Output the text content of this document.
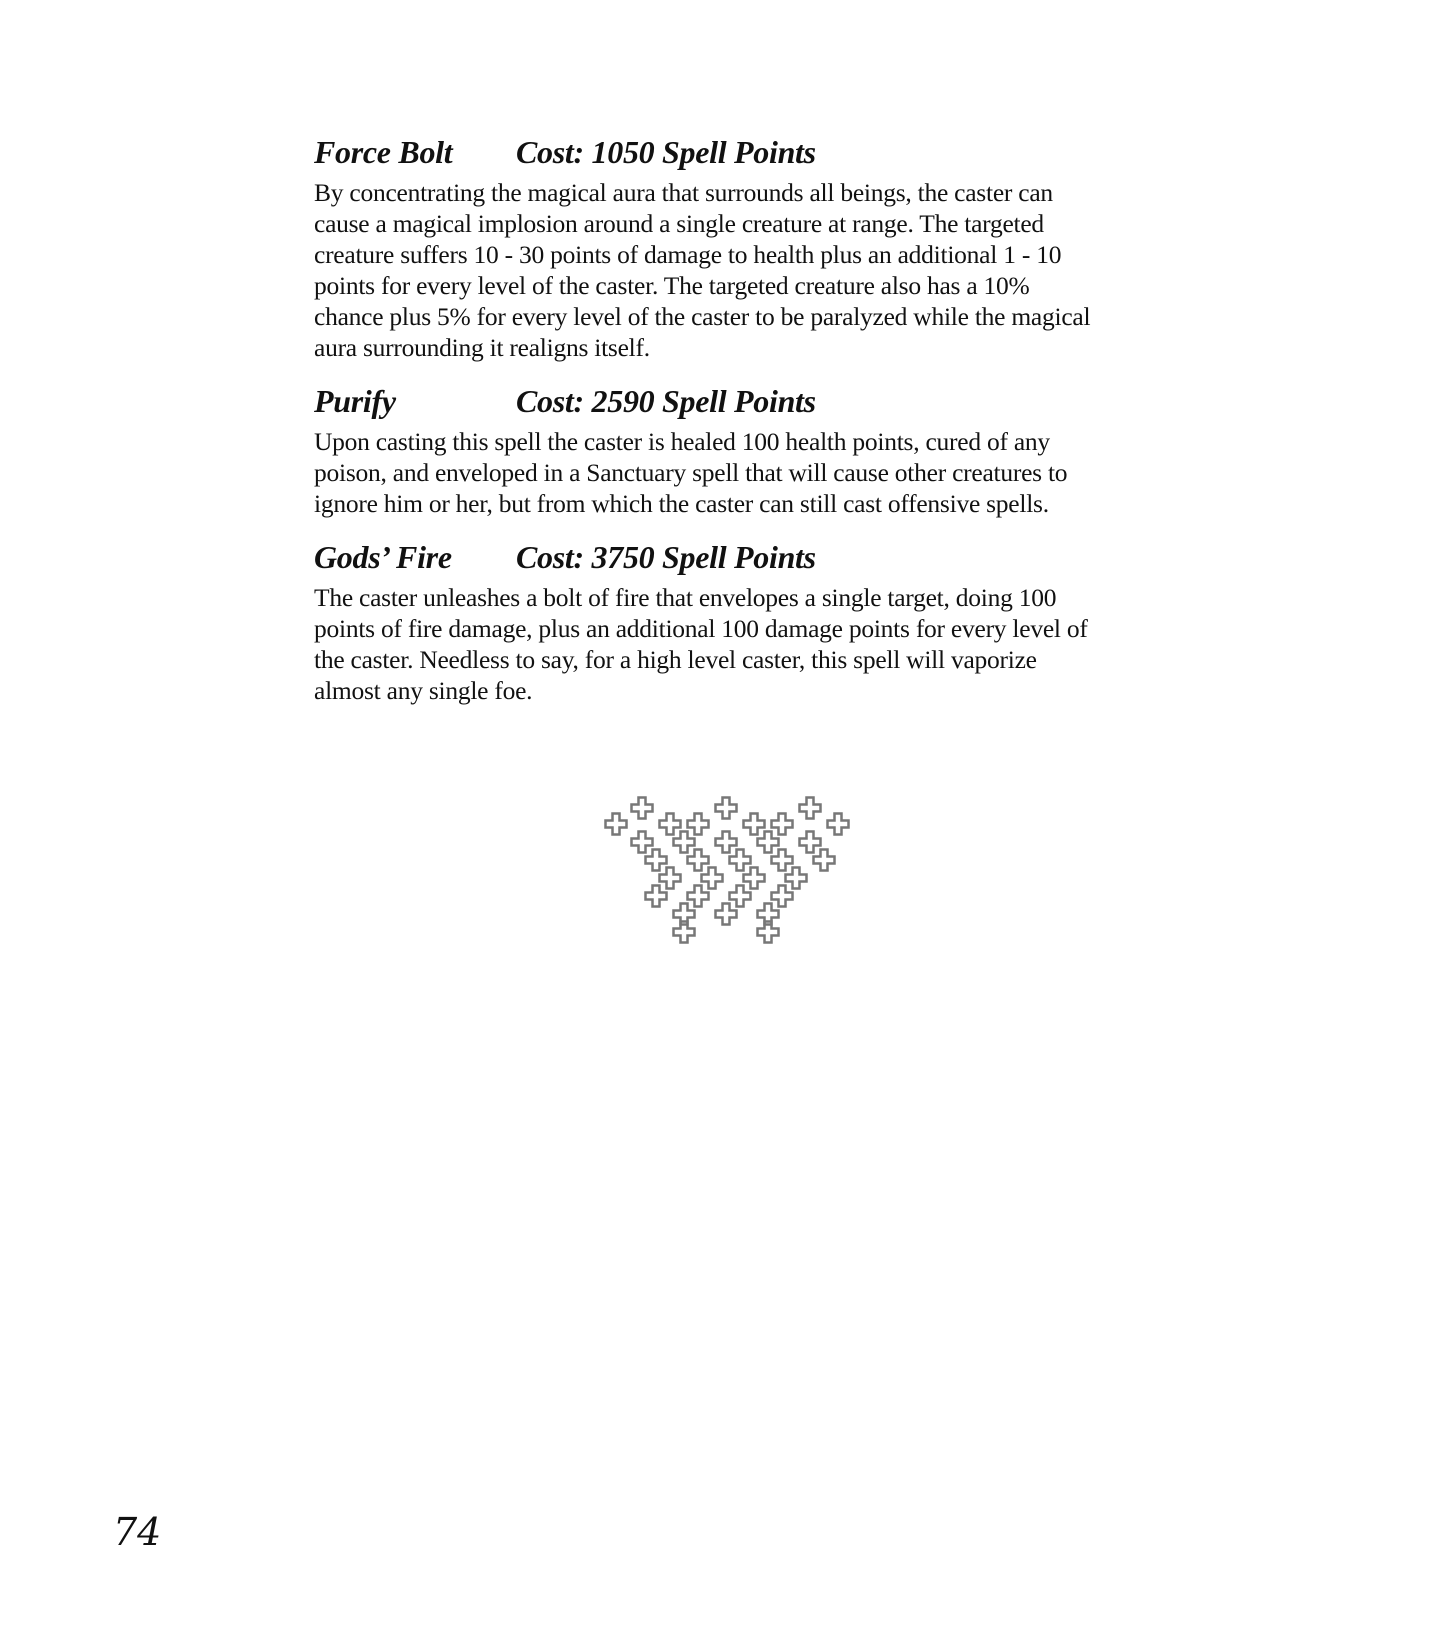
Force Bolt	Cost: 1050 Spell Points

By concentrating the magical aura that surrounds all beings, the caster can
cause a magical implosion around a single creature at range. The targeted
creature suffers 10 - 30 points of damage to health plus an additional 1 - 10
points for every level of the caster. The targeted creature also has a 10%
chance plus 5% for every level of the caster to be paralyzed while the magical
aura surrounding it realigns itself.

Purify	Cost: 2590 Spell Points

Upon casting this spell the caster is healed 100 health points, cured of any
poison, and enveloped in a Sanctuary spell that will cause other creatures to
ignore him or her, but from which the caster can still cast offensive spells.

Gods’ Fire	Cost: 3750 Spell Points

The caster unleashes a bolt of fire that envelopes a single target, doing 100
points of fire damage, plus an additional 100 damage points for every level of
the caster. Needless to say, for a high level caster, this spell will vaporize
almost any single foe.

74
